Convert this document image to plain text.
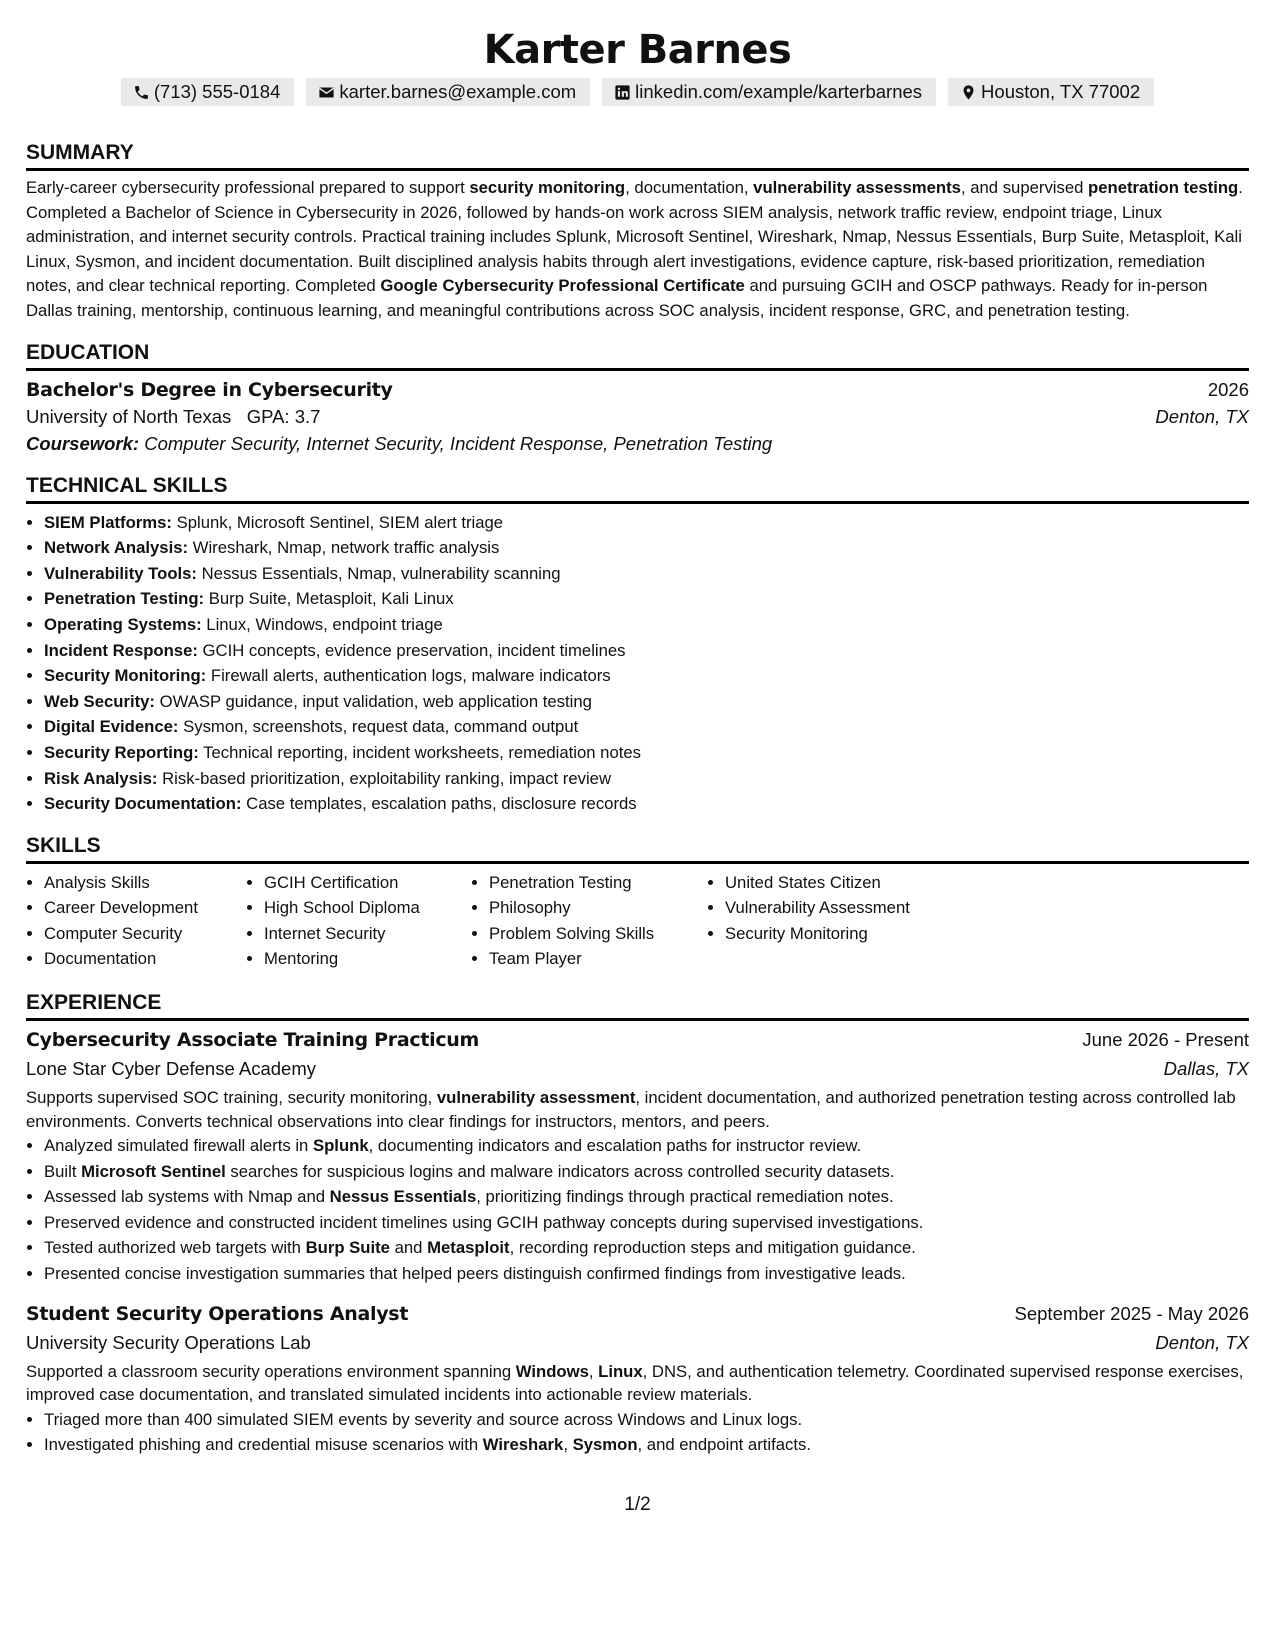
Karter Barnes
(713) 555-0184	karter.barnes@example.com	linkedin.com/example/karterbarnes	Houston, TX 77002
SUMMARY
Early-career cybersecurity professional prepared to support security monitoring, documentation, vulnerability assessments, and supervised penetration testing. Completed a Bachelor of Science in Cybersecurity in 2026, followed by hands-on work across SIEM analysis, network traffic review, endpoint triage, Linux administration, and internet security controls. Practical training includes Splunk, Microsoft Sentinel, Wireshark, Nmap, Nessus Essentials, Burp Suite, Metasploit, Kali Linux, Sysmon, and incident documentation. Built disciplined analysis habits through alert investigations, evidence capture, risk-based prioritization, remediation notes, and clear technical reporting. Completed Google Cybersecurity Professional Certificate and pursuing GCIH and OSCP pathways. Ready for in-person Dallas training, mentorship, continuous learning, and meaningful contributions across SOC analysis, incident response, GRC, and penetration testing.
EDUCATION
Bachelor's Degree in Cybersecurity	2026
University of North Texas GPA: 3.7	Denton, TX
Coursework: Computer Security, Internet Security, Incident Response, Penetration Testing
TECHNICAL SKILLS
• SIEM Platforms: Splunk, Microsoft Sentinel, SIEM alert triage
• Network Analysis: Wireshark, Nmap, network traffic analysis
• Vulnerability Tools: Nessus Essentials, Nmap, vulnerability scanning
• Penetration Testing: Burp Suite, Metasploit, Kali Linux
• Operating Systems: Linux, Windows, endpoint triage
• Incident Response: GCIH concepts, evidence preservation, incident timelines
• Security Monitoring: Firewall alerts, authentication logs, malware indicators
• Web Security: OWASP guidance, input validation, web application testing
• Digital Evidence: Sysmon, screenshots, request data, command output
• Security Reporting: Technical reporting, incident worksheets, remediation notes
• Risk Analysis: Risk-based prioritization, exploitability ranking, impact review
• Security Documentation: Case templates, escalation paths, disclosure records
SKILLS
• Analysis Skills
• Career Development
• Computer Security
• Documentation
• GCIH Certification
• High School Diploma
• Internet Security
• Mentoring
• Penetration Testing
• Philosophy
• Problem Solving Skills
• Team Player
• United States Citizen
• Vulnerability Assessment
• Security Monitoring
EXPERIENCE
Cybersecurity Associate Training Practicum	June 2026 - Present
Lone Star Cyber Defense Academy	Dallas, TX
Supports supervised SOC training, security monitoring, vulnerability assessment, incident documentation, and authorized penetration testing across controlled lab environments. Converts technical observations into clear findings for instructors, mentors, and peers.
• Analyzed simulated firewall alerts in Splunk, documenting indicators and escalation paths for instructor review.
• Built Microsoft Sentinel searches for suspicious logins and malware indicators across controlled security datasets.
• Assessed lab systems with Nmap and Nessus Essentials, prioritizing findings through practical remediation notes.
• Preserved evidence and constructed incident timelines using GCIH pathway concepts during supervised investigations.
• Tested authorized web targets with Burp Suite and Metasploit, recording reproduction steps and mitigation guidance.
• Presented concise investigation summaries that helped peers distinguish confirmed findings from investigative leads.
Student Security Operations Analyst	September 2025 - May 2026
University Security Operations Lab	Denton, TX
Supported a classroom security operations environment spanning Windows, Linux, DNS, and authentication telemetry. Coordinated supervised response exercises, improved case documentation, and translated simulated incidents into actionable review materials.
• Triaged more than 400 simulated SIEM events by severity and source across Windows and Linux logs.
• Investigated phishing and credential misuse scenarios with Wireshark, Sysmon, and endpoint artifacts.
1/2
